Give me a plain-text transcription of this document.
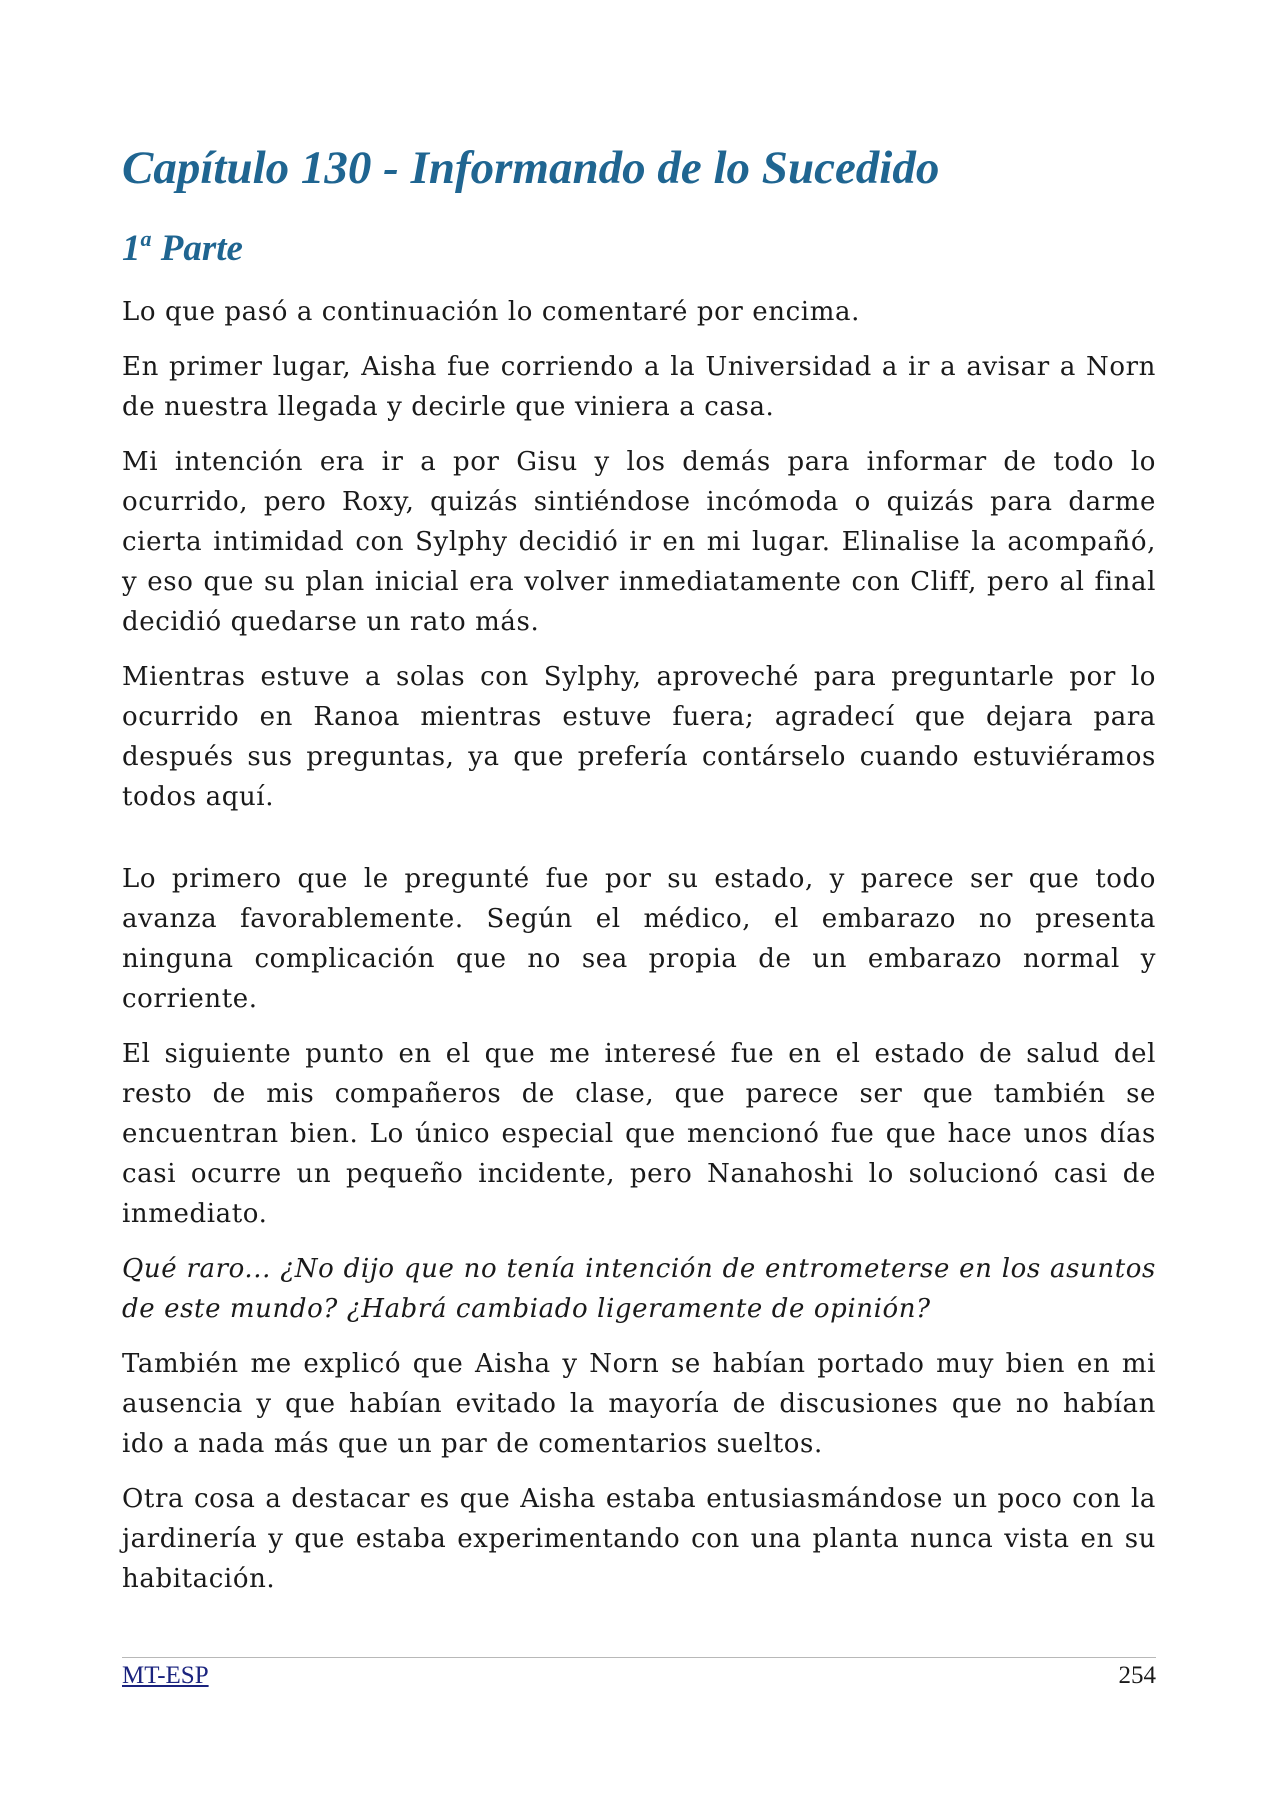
Capítulo 130 - Informando de lo Sucedido
1$^a$ Parte

Lo que pasó a continuación lo comentaré por encima.

En primer lugar, Aisha fue corriendo a la Universidad a ir a avisar a Norn de nuestra llegada y decirle que viniera a casa.

Mi intención era ir a por Gisu y los demás para informar de todo lo ocurrido, pero Roxy, quizás sintiéndose incómoda o quizás para darme cierta intimidad con Sylphy decidió ir en mi lugar. Elinalise la acompañó, y eso que su plan inicial era volver inmediatamente con Cliff, pero al final decidió quedarse un rato más.

Mientras estuve a solas con Sylphy, aproveché para preguntarle por lo ocurrido en Ranoa mientras estuve fuera; agradecí que dejara para después sus preguntas, ya que prefería contárselo cuando estuviéramos todos aquí.

Lo primero que le pregunté fue por su estado, y parece ser que todo avanza favorablemente. Según el médico, el embarazo no presenta ninguna complicación que no sea propia de un embarazo normal y corriente.

El siguiente punto en el que me interesé fue en el estado de salud del resto de mis compañeros de clase, que parece ser que también se encuentran bien. Lo único especial que mencionó fue que hace unos días casi ocurre un pequeño incidente, pero Nanahoshi lo solucionó casi de inmediato.

Qué raro... ¿No dijo que no tenía intención de entrometerse en los asuntos de este mundo? ¿Habrá cambiado ligeramente de opinión?

También me explicó que Aisha y Norn se habían portado muy bien en mi ausencia y que habían evitado la mayoría de discusiones que no habían ido a nada más que un par de comentarios sueltos.

Otra cosa a destacar es que Aisha estaba entusiasmándose un poco con la jardinería y que estaba experimentando con una planta nunca vista en su habitación.

MT-ESP	254
